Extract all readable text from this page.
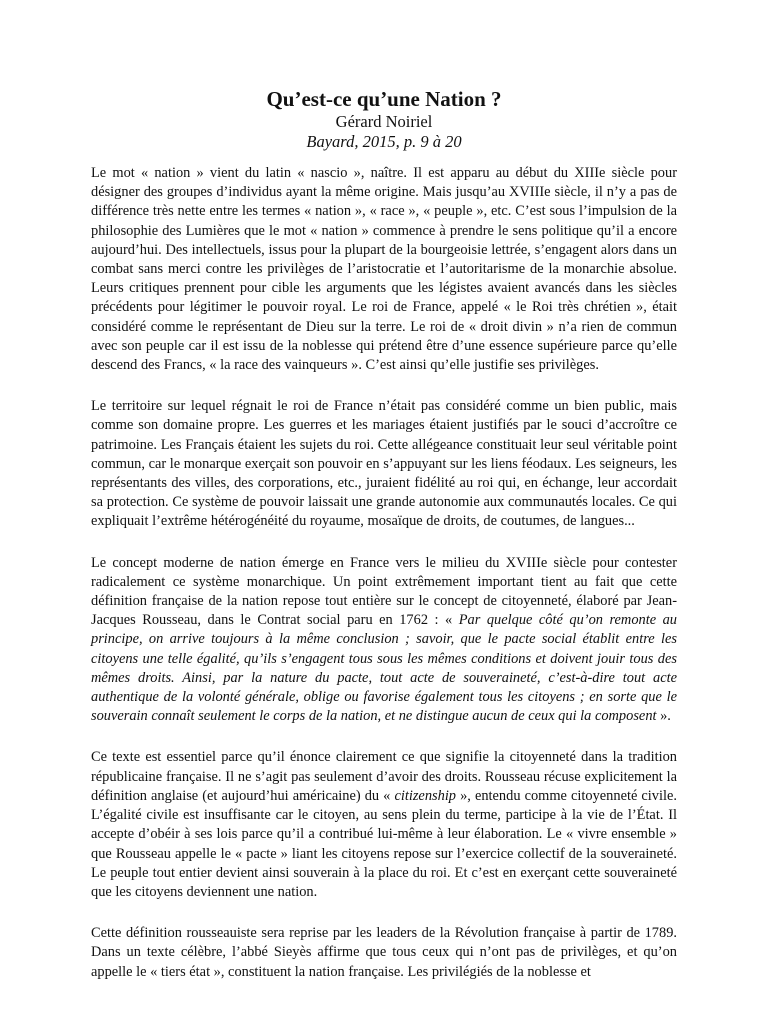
Qu’est-ce qu’une Nation ?
Gérard Noiriel
Bayard, 2015, p. 9 à 20

Le mot « nation » vient du latin « nascio », naître. Il est apparu au début du XIIIe siècle pour désigner des groupes d’individus ayant la même origine. Mais jusqu’au XVIIIe siècle, il n’y a pas de différence très nette entre les termes « nation », « race », « peuple », etc. C’est sous l’impulsion de la philosophie des Lumières que le mot « nation » commence à prendre le sens politique qu’il a encore aujourd’hui. Des intellectuels, issus pour la plupart de la bourgeoisie lettrée, s’engagent alors dans un combat sans merci contre les privilèges de l’aristocratie et l’autoritarisme de la monarchie absolue. Leurs critiques prennent pour cible les arguments que les légistes avaient avancés dans les siècles précédents pour légitimer le pouvoir royal. Le roi de France, appelé « le Roi très chrétien », était considéré comme le représentant de Dieu sur la terre. Le roi de « droit divin » n’a rien de commun avec son peuple car il est issu de la noblesse qui prétend être d’une essence supérieure parce qu’elle descend des Francs, « la race des vainqueurs ». C’est ainsi qu’elle justifie ses privilèges.

Le territoire sur lequel régnait le roi de France n’était pas considéré comme un bien public, mais comme son domaine propre. Les guerres et les mariages étaient justifiés par le souci d’accroître ce patrimoine. Les Français étaient les sujets du roi. Cette allégeance constituait leur seul véritable point commun, car le monarque exerçait son pouvoir en s’appuyant sur les liens féodaux. Les seigneurs, les représentants des villes, des corporations, etc., juraient fidélité au roi qui, en échange, leur accordait sa protection. Ce système de pouvoir laissait une grande autonomie aux communautés locales. Ce qui expliquait l’extrême hétérogénéité du royaume, mosaïque de droits, de coutumes, de langues...

Le concept moderne de nation émerge en France vers le milieu du XVIIIe siècle pour contester radicalement ce système monarchique. Un point extrêmement important tient au fait que cette définition française de la nation repose tout entière sur le concept de citoyenneté, élaboré par Jean-Jacques Rousseau, dans le Contrat social paru en 1762 : « Par quelque côté qu’on remonte au principe, on arrive toujours à la même conclusion ; savoir, que le pacte social établit entre les citoyens une telle égalité, qu’ils s’engagent tous sous les mêmes conditions et doivent jouir tous des mêmes droits. Ainsi, par la nature du pacte, tout acte de souveraineté, c’est-à-dire tout acte authentique de la volonté générale, oblige ou favorise également tous les citoyens ; en sorte que le souverain connaît seulement le corps de la nation, et ne distingue aucun de ceux qui la composent ».

Ce texte est essentiel parce qu’il énonce clairement ce que signifie la citoyenneté dans la tradition républicaine française. Il ne s’agit pas seulement d’avoir des droits. Rousseau récuse explicitement la définition anglaise (et aujourd’hui américaine) du « citizenship », entendu comme citoyenneté civile. L’égalité civile est insuffisante car le citoyen, au sens plein du terme, participe à la vie de l’État. Il accepte d’obéir à ses lois parce qu’il a contribué lui-même à leur élaboration. Le « vivre ensemble » que Rousseau appelle le « pacte » liant les citoyens repose sur l’exercice collectif de la souveraineté. Le peuple tout entier devient ainsi souverain à la place du roi. Et c’est en exerçant cette souveraineté que les citoyens deviennent une nation.

Cette définition rousseauiste sera reprise par les leaders de la Révolution française à partir de 1789. Dans un texte célèbre, l’abbé Sieyès affirme que tous ceux qui n’ont pas de privilèges, et qu’on appelle le « tiers état », constituent la nation française. Les privilégiés de la noblesse et
